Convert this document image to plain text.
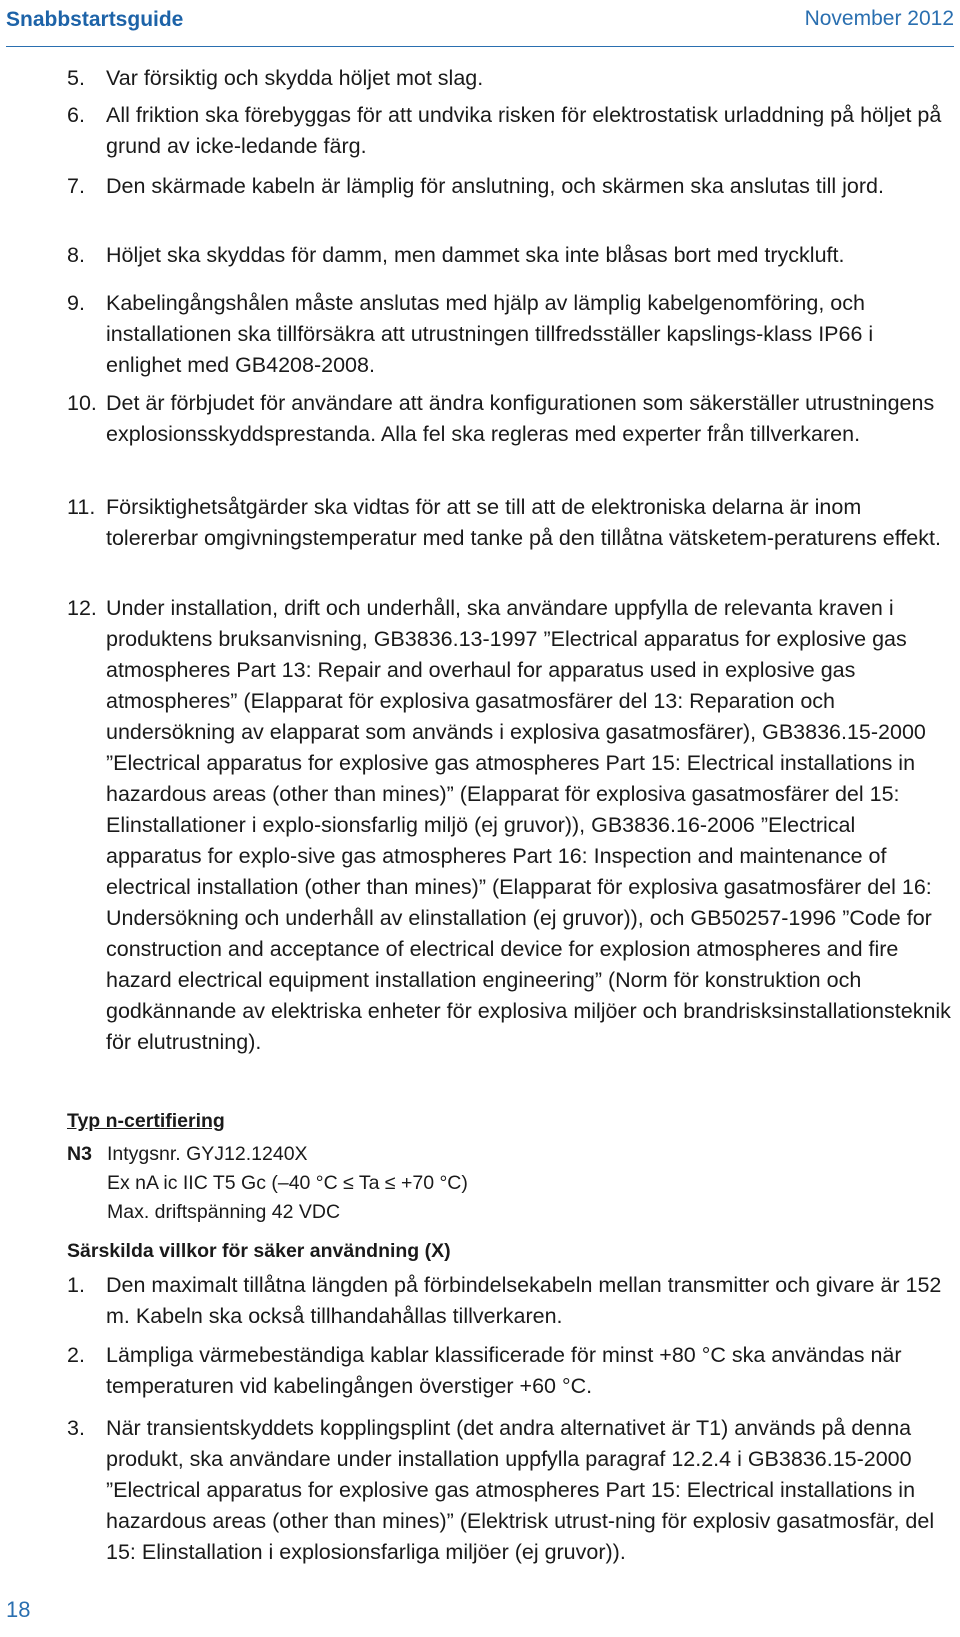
Snabbstartsguide	November 2012
5. Var försiktig och skydda höljet mot slag.
6. All friktion ska förebyggas för att undvika risken för elektrostatisk urladdning på höljet på grund av icke-ledande färg.
7. Den skärmade kabeln är lämplig för anslutning, och skärmen ska anslutas till jord.
8. Höljet ska skyddas för damm, men dammet ska inte blåsas bort med tryckluft.
9. Kabelingångshålen måste anslutas med hjälp av lämplig kabelgenomföring, och installationen ska tillförsäkra att utrustningen tillfredsställer kapslings-klass IP66 i enlighet med GB4208-2008.
10. Det är förbjudet för användare att ändra konfigurationen som säkerställer utrustningens explosionsskyddsprestanda. Alla fel ska regleras med experter från tillverkaren.
11. Försiktighetsåtgärder ska vidtas för att se till att de elektroniska delarna är inom tolererbar omgivningstemperatur med tanke på den tillåtna vätsketem-peraturens effekt.
12. Under installation, drift och underhåll, ska användare uppfylla de relevanta kraven i produktens bruksanvisning, GB3836.13-1997 ”Electrical apparatus for explosive gas atmospheres Part 13: Repair and overhaul for apparatus used in explosive gas atmospheres” (Elapparat för explosiva gasatmosfärer del 13: Reparation och undersökning av elapparat som används i explosiva gasatmosfärer), GB3836.15-2000 ”Electrical apparatus for explosive gas atmospheres Part 15: Electrical installations in hazardous areas (other than mines)” (Elapparat för explosiva gasatmosfärer del 15: Elinstallationer i explo-sionsfarlig miljö (ej gruvor)), GB3836.16-2006 ”Electrical apparatus for explo-sive gas atmospheres Part 16: Inspection and maintenance of electrical installation (other than mines)” (Elapparat för explosiva gasatmosfärer del 16: Undersökning och underhåll av elinstallation (ej gruvor)), och GB50257-1996 ”Code for construction and acceptance of electrical device for explosion atmospheres and fire hazard electrical equipment installation engineering” (Norm för konstruktion och godkännande av elektriska enheter för explosiva miljöer och brandrisksinstallationsteknik för elutrustning).
Typ n-certifiering
N3 Intygsnr. GYJ12.1240X
Ex nA ic IIC T5 Gc (–40 °C ≤ Ta ≤ +70 °C)
Max. driftspänning 42 VDC
Särskilda villkor för säker användning (X)
1. Den maximalt tillåtna längden på förbindelsekabeln mellan transmitter och givare är 152 m. Kabeln ska också tillhandahållas tillverkaren.
2. Lämpliga värmebeständiga kablar klassificerade för minst +80 °C ska användas när temperaturen vid kabelingången överstiger +60 °C.
3. När transientskyddets kopplingsplint (det andra alternativet är T1) används på denna produkt, ska användare under installation uppfylla paragraf 12.2.4 i GB3836.15-2000 ”Electrical apparatus for explosive gas atmospheres Part 15: Electrical installations in hazardous areas (other than mines)” (Elektrisk utrust-ning för explosiv gasatmosfär, del 15: Elinstallation i explosionsfarliga miljöer (ej gruvor)).
18
